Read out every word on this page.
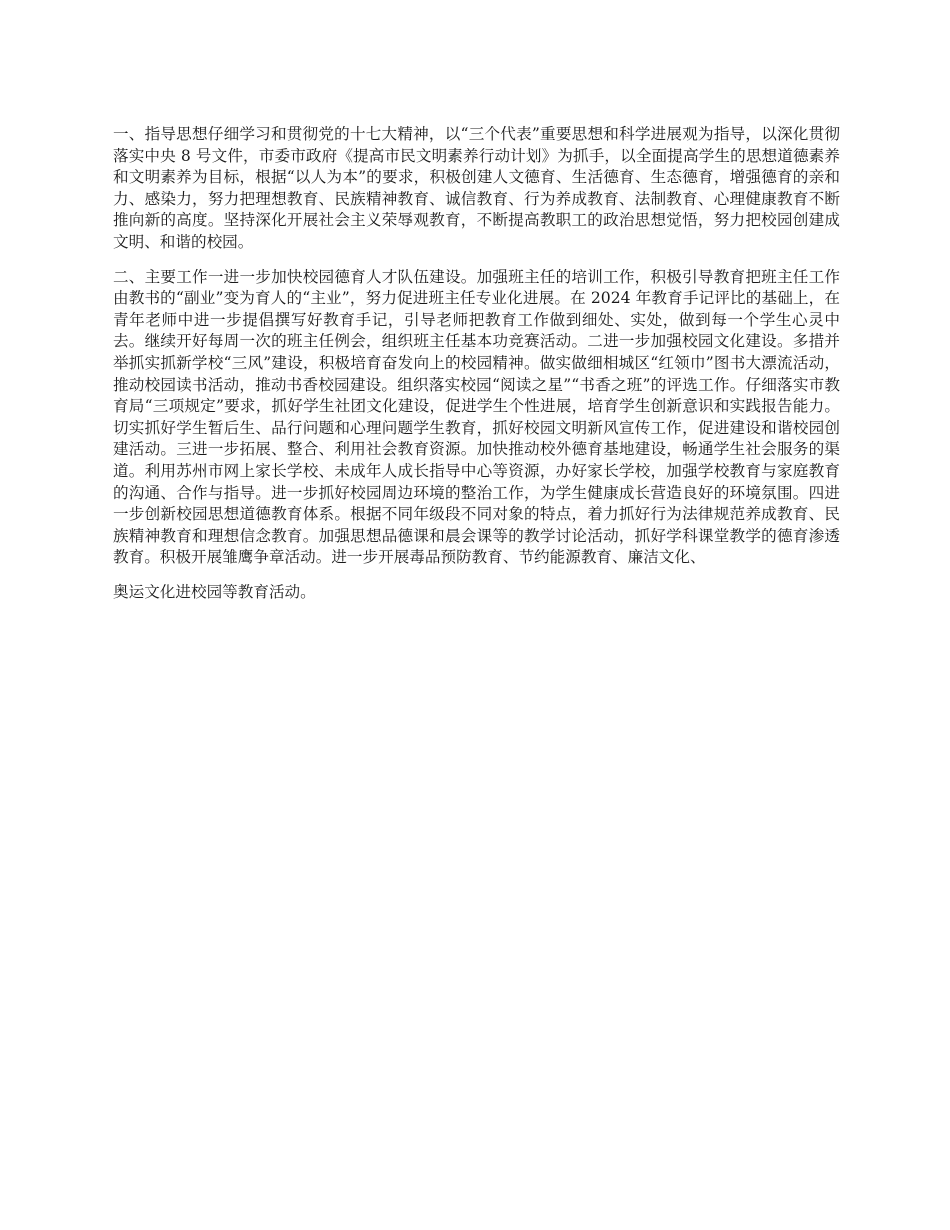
一、指导思想仔细学习和贯彻党的十七大精神，以“三个代表”重要思想和科学进展观为指导，以深化贯彻落实中央 8 号文件，市委市政府《提高市民文明素养行动计划》为抓手，以全面提高学生的思想道德素养和文明素养为目标，根据“以人为本”的要求，积极创建人文德育、生活德育、生态德育，增强德育的亲和力、感染力，努力把理想教育、民族精神教育、诚信教育、行为养成教育、法制教育、心理健康教育不断推向新的高度。坚持深化开展社会主义荣辱观教育，不断提高教职工的政治思想觉悟，努力把校园创建成文明、和谐的校园。

二、主要工作一进一步加快校园德育人才队伍建设。加强班主任的培训工作，积极引导教育把班主任工作由教书的“副业”变为育人的“主业”，努力促进班主任专业化进展。在 2024 年教育手记评比的基础上，在青年老师中进一步提倡撰写好教育手记，引导老师把教育工作做到细处、实处，做到每一个学生心灵中去。继续开好每周一次的班主任例会，组织班主任基本功竞赛活动。二进一步加强校园文化建设。多措并举抓实抓新学校“三风”建设，积极培育奋发向上的校园精神。做实做细相城区“红领巾”图书大漂流活动，推动校园读书活动，推动书香校园建设。组织落实校园“阅读之星”“书香之班”的评选工作。仔细落实市教育局“三项规定”要求，抓好学生社团文化建设，促进学生个性进展，培育学生创新意识和实践报告能力。切实抓好学生暂后生、品行问题和心理问题学生教育，抓好校园文明新风宣传工作，促进建设和谐校园创建活动。三进一步拓展、整合、利用社会教育资源。加快推动校外德育基地建设，畅通学生社会服务的渠道。利用苏州市网上家长学校、未成年人成长指导中心等资源，办好家长学校，加强学校教育与家庭教育的沟通、合作与指导。进一步抓好校园周边环境的整治工作，为学生健康成长营造良好的环境氛围。四进一步创新校园思想道德教育体系。根据不同年级段不同对象的特点，着力抓好行为法律规范养成教育、民族精神教育和理想信念教育。加强思想品德课和晨会课等的教学讨论活动，抓好学科课堂教学的德育渗透教育。积极开展雏鹰争章活动。进一步开展毒品预防教育、节约能源教育、廉洁文化、

奥运文化进校园等教育活动。
